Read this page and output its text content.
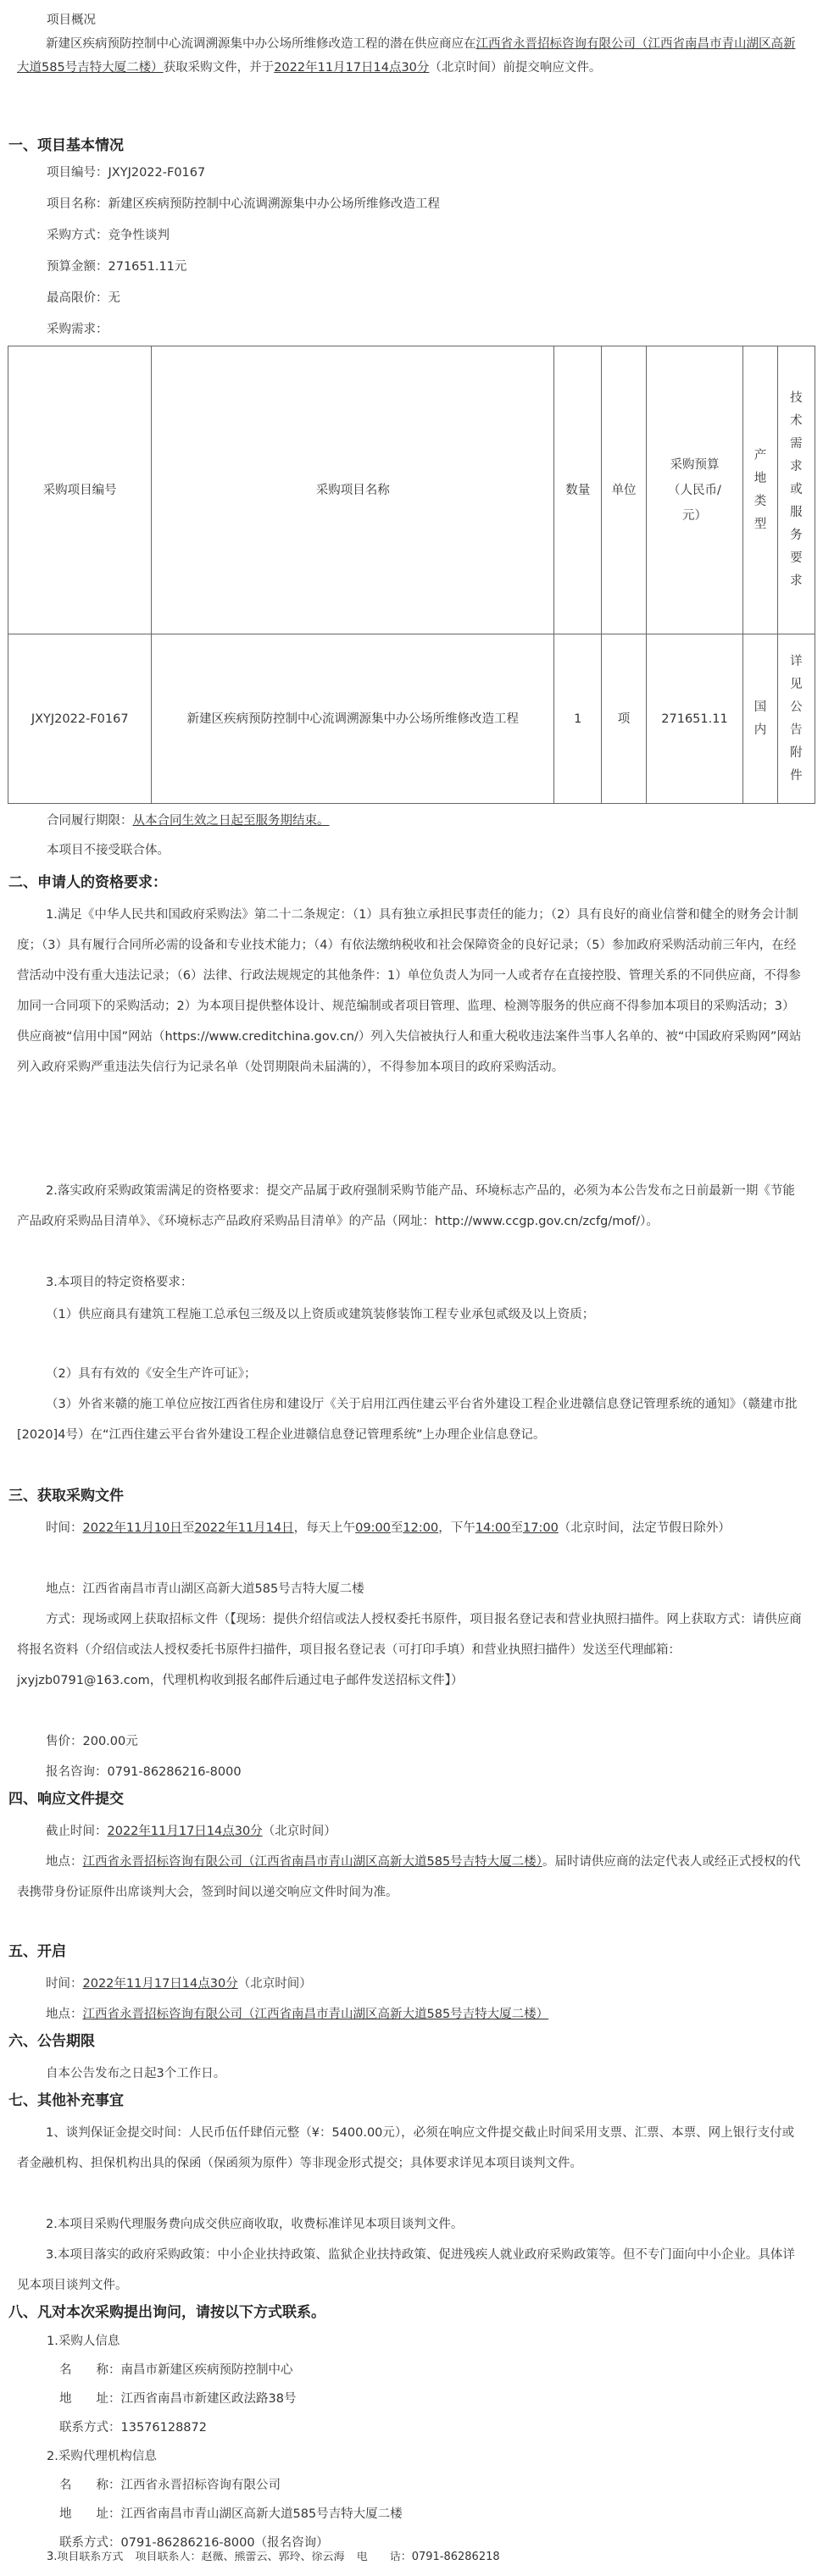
项目概况
新建区疾病预防控制中心流调溯源集中办公场所维修改造工程的潜在供应商应在江西省永晋招标咨询有限公司（江西省南昌市青山湖区高新大道585号吉特大厦二楼）获取采购文件，并于2022年11月17日14点30分（北京时间）前提交响应文件。
一、项目基本情况
项目编号：JXYJ2022-F0167
项目名称：新建区疾病预防控制中心流调溯源集中办公场所维修改造工程
采购方式：竞争性谈判
预算金额：271651.11元
最高限价：无
采购需求：
采购项目编号	采购项目名称	数量	单位	采购预算（人民币/元）	产地类型	技术需求或服务要求
JXYJ2022-F0167	新建区疾病预防控制中心流调溯源集中办公场所维修改造工程	1	项	271651.11	国内	详见公告附件
合同履行期限：从本合同生效之日起至服务期结束。
本项目不接受联合体。
二、申请人的资格要求：
1.满足《中华人民共和国政府采购法》第二十二条规定：（1）具有独立承担民事责任的能力；（2）具有良好的商业信誉和健全的财务会计制度；（3）具有履行合同所必需的设备和专业技术能力；（4）有依法缴纳税收和社会保障资金的良好记录；（5）参加政府采购活动前三年内，在经营活动中没有重大违法记录；（6）法律、行政法规规定的其他条件：1）单位负责人为同一人或者存在直接控股、管理关系的不同供应商，不得参加同一合同项下的采购活动；2）为本项目提供整体设计、规范编制或者项目管理、监理、检测等服务的供应商不得参加本项目的采购活动；3）供应商被“信用中国”网站（https://www.creditchina.gov.cn/）列入失信被执行人和重大税收违法案件当事人名单的、被“中国政府采购网”网站列入政府采购严重违法失信行为记录名单（处罚期限尚未届满的），不得参加本项目的政府采购活动。
2.落实政府采购政策需满足的资格要求：提交产品属于政府强制采购节能产品、环境标志产品的，必须为本公告发布之日前最新一期《节能产品政府采购品目清单》、《环境标志产品政府采购品目清单》的产品（网址：http://www.ccgp.gov.cn/zcfg/mof/）。
3.本项目的特定资格要求：
（1）供应商具有建筑工程施工总承包三级及以上资质或建筑装修装饰工程专业承包贰级及以上资质；
（2）具有有效的《安全生产许可证》；
（3）外省来赣的施工单位应按江西省住房和建设厅《关于启用江西住建云平台省外建设工程企业进赣信息登记管理系统的通知》（赣建市批[2020]4号）在“江西住建云平台省外建设工程企业进赣信息登记管理系统”上办理企业信息登记。
三、获取采购文件
时间：2022年11月10日至2022年11月14日，每天上午09:00至12:00，下午14:00至17:00（北京时间，法定节假日除外）
地点：江西省南昌市青山湖区高新大道585号吉特大厦二楼
方式：现场或网上获取招标文件（【现场：提供介绍信或法人授权委托书原件，项目报名登记表和营业执照扫描件。网上获取方式：请供应商将报名资料（介绍信或法人授权委托书原件扫描件，项目报名登记表（可打印手填）和营业执照扫描件）发送至代理邮箱：jxyjzb0791@163.com，代理机构收到报名邮件后通过电子邮件发送招标文件】）
售价：200.00元
报名咨询：0791-86286216-8000
四、响应文件提交
截止时间：2022年11月17日14点30分（北京时间）
地点：江西省永晋招标咨询有限公司（江西省南昌市青山湖区高新大道585号吉特大厦二楼）。届时请供应商的法定代表人或经正式授权的代表携带身份证原件出席谈判大会，签到时间以递交响应文件时间为准。
五、开启
时间：2022年11月17日14点30分（北京时间）
地点：江西省永晋招标咨询有限公司（江西省南昌市青山湖区高新大道585号吉特大厦二楼）
六、公告期限
自本公告发布之日起3个工作日。
七、其他补充事宜
1、谈判保证金提交时间：人民币伍仟肆佰元整（¥：5400.00元），必须在响应文件提交截止时间采用支票、汇票、本票、网上银行支付或者金融机构、担保机构出具的保函（保函须为原件）等非现金形式提交；具体要求详见本项目谈判文件。
2.本项目采购代理服务费向成交供应商收取，收费标准详见本项目谈判文件。
3.本项目落实的政府采购政策：中小企业扶持政策、监狱企业扶持政策、促进残疾人就业政府采购政策等。但不专门面向中小企业。具体详见本项目谈判文件。
八、凡对本次采购提出询问，请按以下方式联系。
1.采购人信息
名　　称：南昌市新建区疾病预防控制中心
地　　址：江西省南昌市新建区政法路38号
联系方式：13576128872
2.采购代理机构信息
名　　称：江西省永晋招标咨询有限公司
地　　址：江西省南昌市青山湖区高新大道585号吉特大厦二楼
联系方式：0791-86286216-8000（报名咨询）
3.项目联系方式 项目联系人：赵薇、熊蕾云、郭玲、徐云海 电　　话：0791-86286218
